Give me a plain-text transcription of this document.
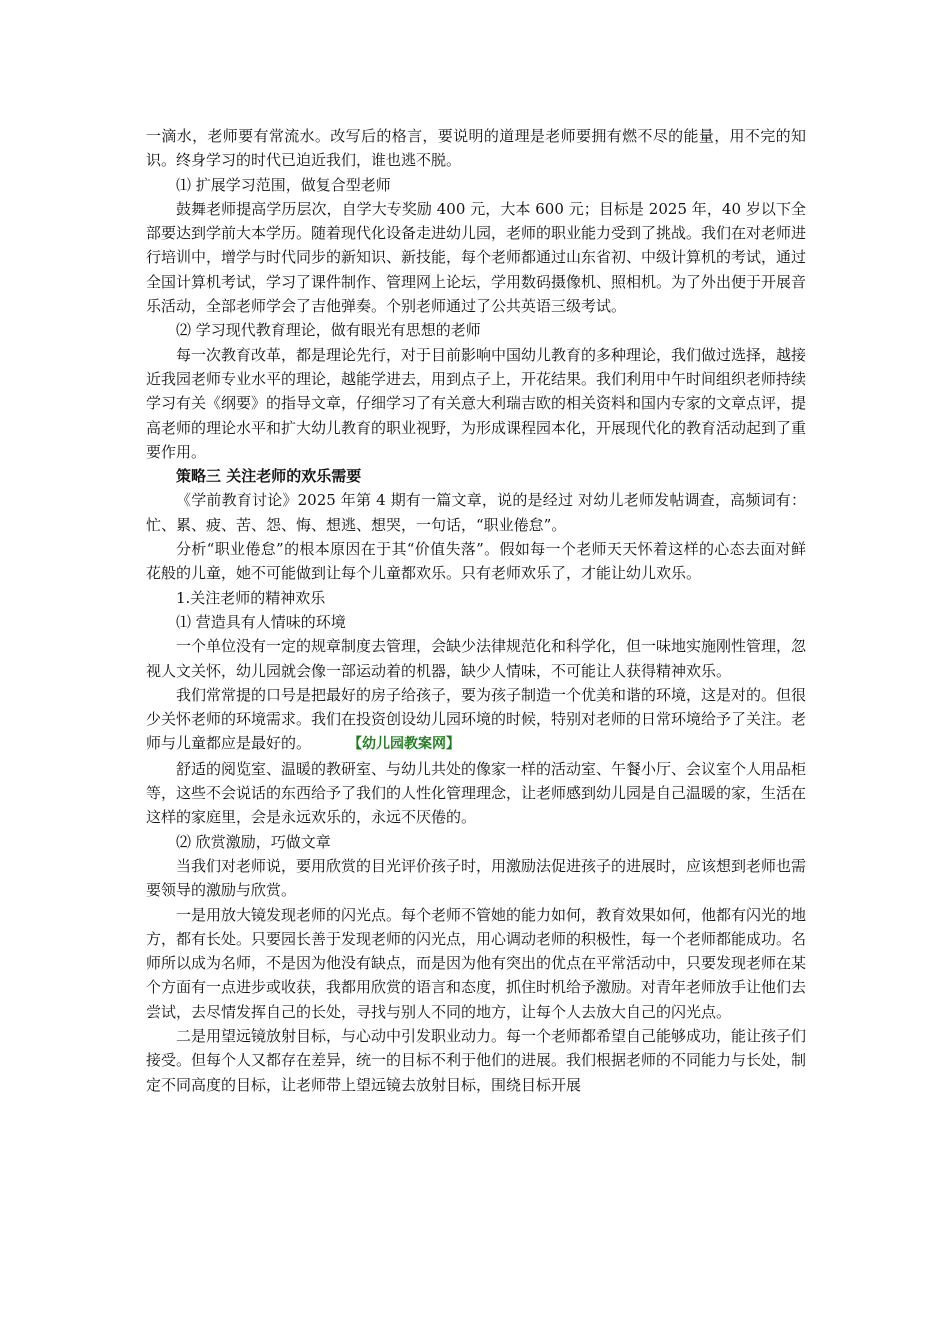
一滴水，老师要有常流水。改写后的格言，要说明的道理是老师要拥有燃不尽的能量，用不完的知识。终身学习的时代已迫近我们，谁也逃不脱。

⑴ 扩展学习范围，做复合型老师

鼓舞老师提高学历层次，自学大专奖励 400 元，大本 600 元；目标是 2025 年，40 岁以下全部要达到学前大本学历。随着现代化设备走进幼儿园，老师的职业能力受到了挑战。我们在对老师进行培训中，增学与时代同步的新知识、新技能，每个老师都通过山东省初、中级计算机的考试，通过全国计算机考试，学习了课件制作、管理网上论坛，学用数码摄像机、照相机。为了外出便于开展音乐活动，全部老师学会了吉他弹奏。个别老师通过了公共英语三级考试。

⑵ 学习现代教育理论，做有眼光有思想的老师

每一次教育改革，都是理论先行，对于目前影响中国幼儿教育的多种理论，我们做过选择，越接近我园老师专业水平的理论，越能学进去，用到点子上，开花结果。我们利用中午时间组织老师持续学习有关《纲要》的指导文章，仔细学习了有关意大利瑞吉欧的相关资料和国内专家的文章点评，提高老师的理论水平和扩大幼儿教育的职业视野，为形成课程园本化，开展现代化的教育活动起到了重要作用。

策略三 关注老师的欢乐需要

《学前教育讨论》2025 年第 4 期有一篇文章，说的是经过 对幼儿老师发帖调查，高频词有：忙、累、疲、苦、怨、悔、想逃、想哭，一句话，“职业倦怠”。

分析“职业倦怠”的根本原因在于其“价值失落”。假如每一个老师天天怀着这样的心态去面对鲜花般的儿童，她不可能做到让每个儿童都欢乐。只有老师欢乐了，才能让幼儿欢乐。

1.关注老师的精神欢乐

⑴ 营造具有人情味的环境

一个单位没有一定的规章制度去管理，会缺少法律规范化和科学化，但一味地实施刚性管理，忽视人文关怀，幼儿园就会像一部运动着的机器，缺少人情味，不可能让人获得精神欢乐。

我们常常提的口号是把最好的房子给孩子，要为孩子制造一个优美和谐的环境，这是对的。但很少关怀老师的环境需求。我们在投资创设幼儿园环境的时候，特别对老师的日常环境给予了关注。老师与儿童都应是最好的。	【幼儿园教案网】

舒适的阅览室、温暖的教研室、与幼儿共处的像家一样的活动室、午餐小厅、会议室个人用品柜等，这些不会说话的东西给予了我们的人性化管理理念，让老师感到幼儿园是自己温暖的家，生活在这样的家庭里，会是永远欢乐的，永远不厌倦的。

⑵ 欣赏激励，巧做文章

当我们对老师说，要用欣赏的目光评价孩子时，用激励法促进孩子的进展时，应该想到老师也需要领导的激励与欣赏。

一是用放大镜发现老师的闪光点。每个老师不管她的能力如何，教育效果如何，他都有闪光的地方，都有长处。只要园长善于发现老师的闪光点，用心调动老师的积极性，每一个老师都能成功。名师所以成为名师，不是因为他没有缺点，而是因为他有突出的优点在平常活动中，只要发现老师在某个方面有一点进步或收获，我都用欣赏的语言和态度，抓住时机给予激励。对青年老师放手让他们去尝试，去尽情发挥自己的长处，寻找与别人不同的地方，让每个人去放大自己的闪光点。

二是用望远镜放射目标，与心动中引发职业动力。每一个老师都希望自己能够成功，能让孩子们接受。但每个人又都存在差异，统一的目标不利于他们的进展。我们根据老师的不同能力与长处，制定不同高度的目标，让老师带上望远镜去放射目标，围绕目标开展
